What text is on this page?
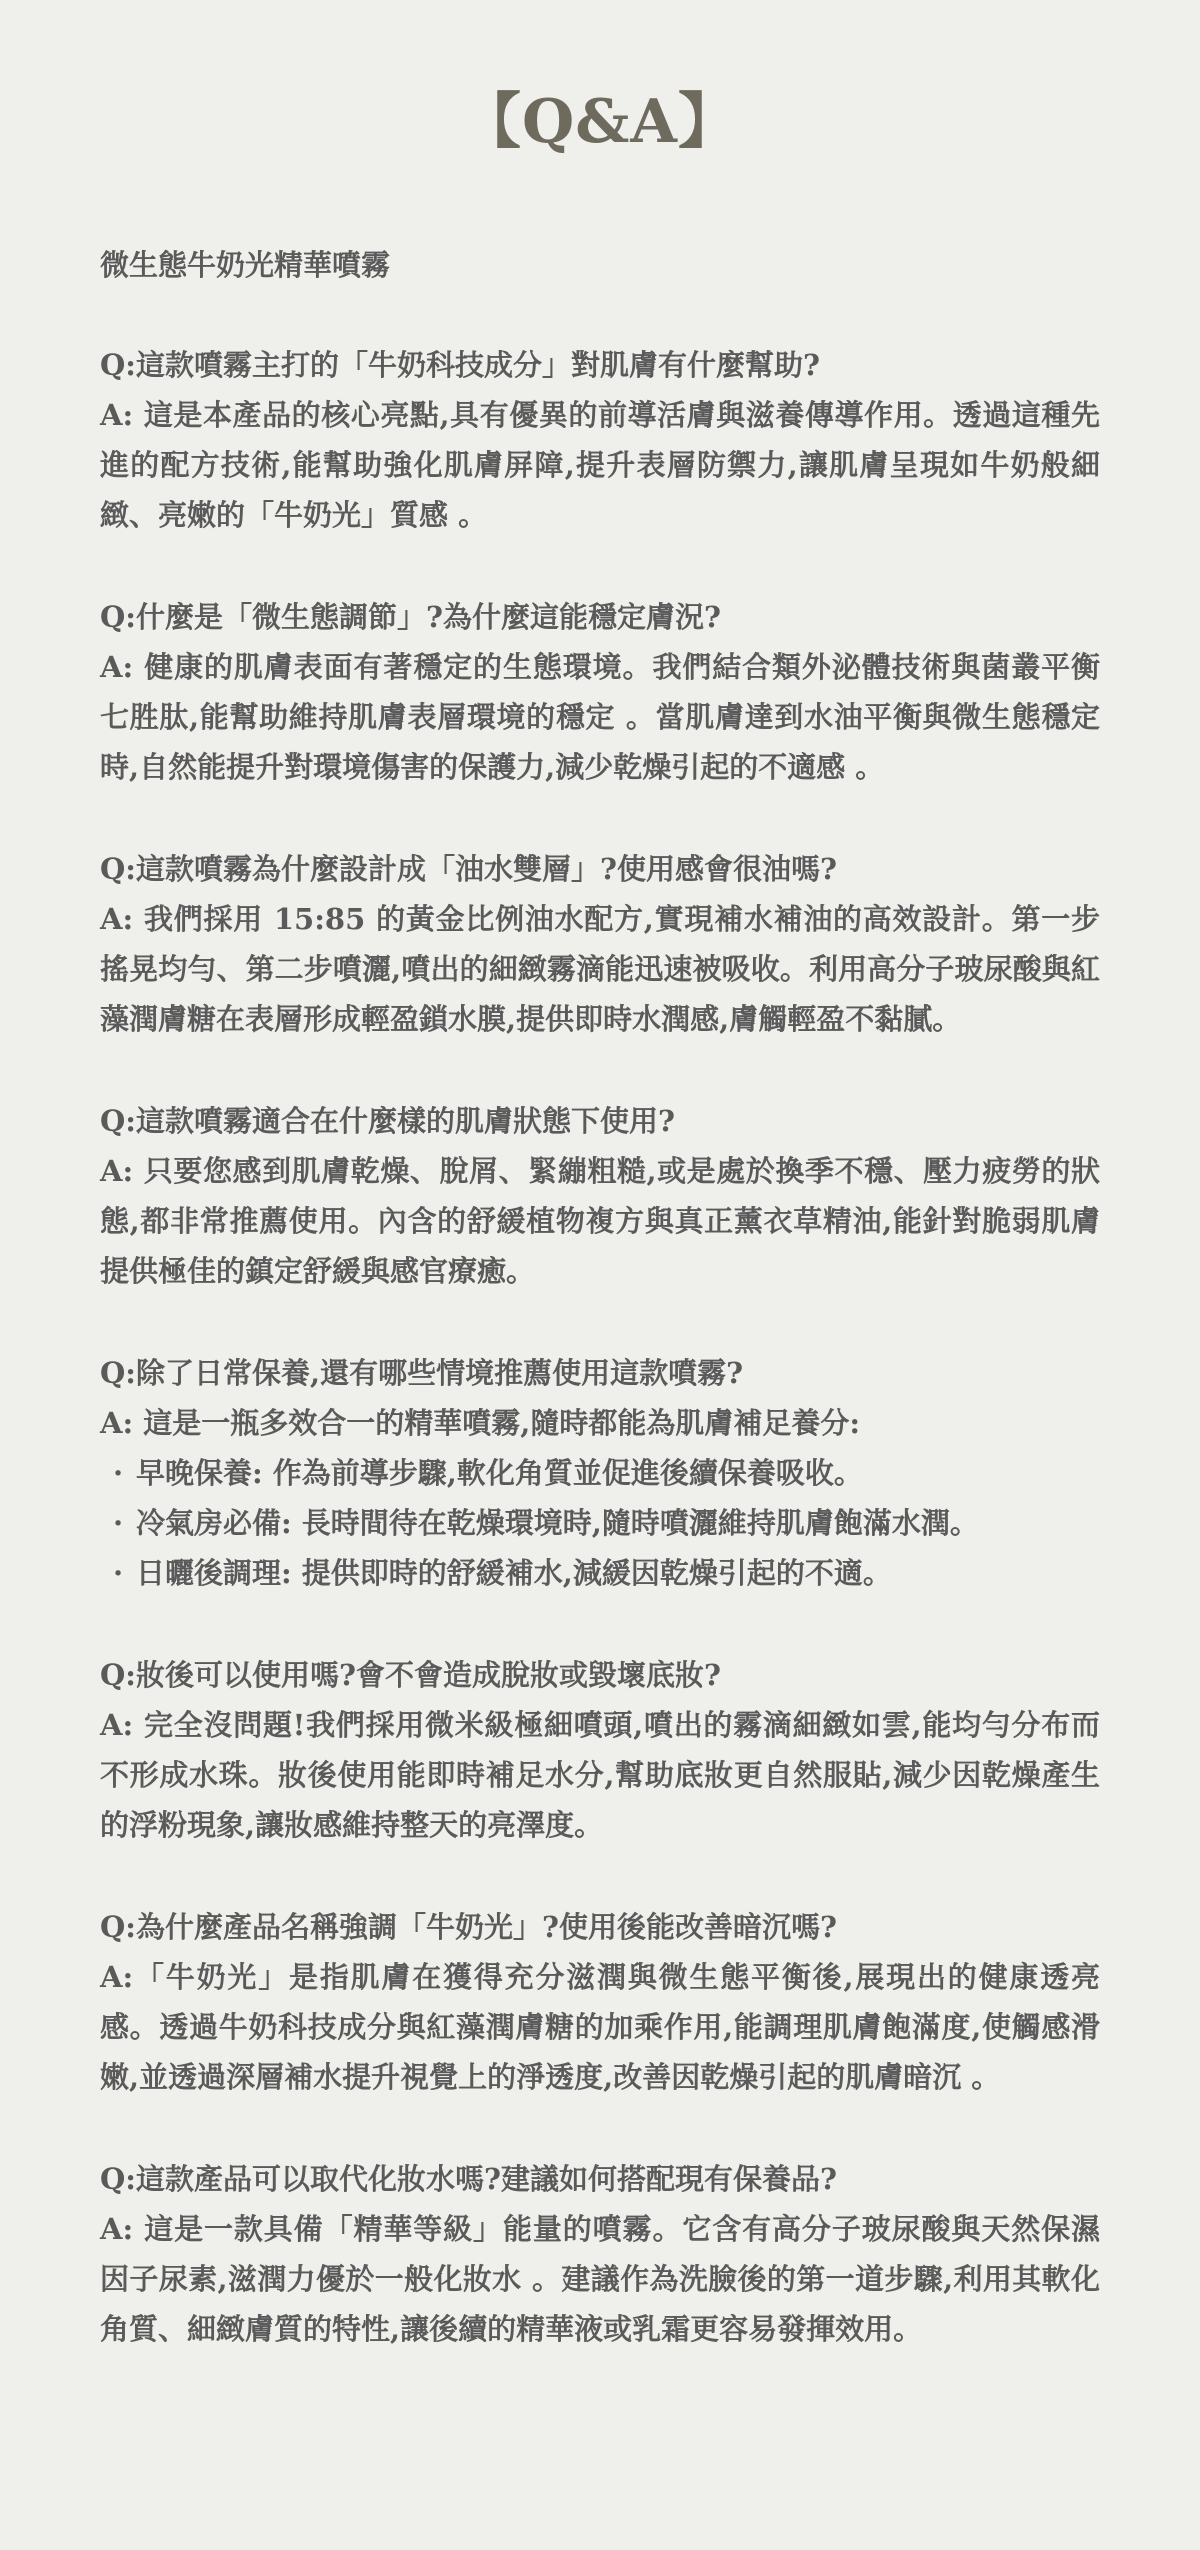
【Q&A】
微生態牛奶光精華噴霧
Q:這款噴霧主打的「牛奶科技成分」對肌膚有什麼幫助?
A: 這是本產品的核心亮點,具有優異的前導活膚與滋養傳導作用。透過這種先進的配方技術,能幫助強化肌膚屏障,提升表層防禦力,讓肌膚呈現如牛奶般細緻、亮嫩的「牛奶光」質感 。
Q:什麼是「微生態調節」?為什麼這能穩定膚況?
A: 健康的肌膚表面有著穩定的生態環境。我們結合類外泌體技術與菌叢平衡七胜肽,能幫助維持肌膚表層環境的穩定 。當肌膚達到水油平衡與微生態穩定時,自然能提升對環境傷害的保護力,減少乾燥引起的不適感 。
Q:這款噴霧為什麼設計成「油水雙層」?使用感會很油嗎?
A: 我們採用 15:85 的黃金比例油水配方,實現補水補油的高效設計。第一步搖晃均勻、第二步噴灑,噴出的細緻霧滴能迅速被吸收。利用高分子玻尿酸與紅藻潤膚糖在表層形成輕盈鎖水膜,提供即時水潤感,膚觸輕盈不黏膩。
Q:這款噴霧適合在什麼樣的肌膚狀態下使用?
A: 只要您感到肌膚乾燥、脫屑、緊繃粗糙,或是處於換季不穩、壓力疲勞的狀態,都非常推薦使用。內含的舒緩植物複方與真正薰衣草精油,能針對脆弱肌膚提供極佳的鎮定舒緩與感官療癒。
Q:除了日常保養,還有哪些情境推薦使用這款噴霧?
A: 這是一瓶多效合一的精華噴霧,隨時都能為肌膚補足養分:
· 早晚保養: 作為前導步驟,軟化角質並促進後續保養吸收。
· 冷氣房必備: 長時間待在乾燥環境時,隨時噴灑維持肌膚飽滿水潤。
· 日曬後調理: 提供即時的舒緩補水,減緩因乾燥引起的不適。
Q:妝後可以使用嗎?會不會造成脫妝或毀壞底妝?
A: 完全沒問題!我們採用微米級極細噴頭,噴出的霧滴細緻如雲,能均勻分布而不形成水珠。妝後使用能即時補足水分,幫助底妝更自然服貼,減少因乾燥產生的浮粉現象,讓妝感維持整天的亮澤度。
Q:為什麼產品名稱強調「牛奶光」?使用後能改善暗沉嗎?
A:「牛奶光」是指肌膚在獲得充分滋潤與微生態平衡後,展現出的健康透亮感。透過牛奶科技成分與紅藻潤膚糖的加乘作用,能調理肌膚飽滿度,使觸感滑嫩,並透過深層補水提升視覺上的淨透度,改善因乾燥引起的肌膚暗沉 。
Q:這款產品可以取代化妝水嗎?建議如何搭配現有保養品?
A: 這是一款具備「精華等級」能量的噴霧。它含有高分子玻尿酸與天然保濕因子尿素,滋潤力優於一般化妝水 。建議作為洗臉後的第一道步驟,利用其軟化角質、細緻膚質的特性,讓後續的精華液或乳霜更容易發揮效用。
